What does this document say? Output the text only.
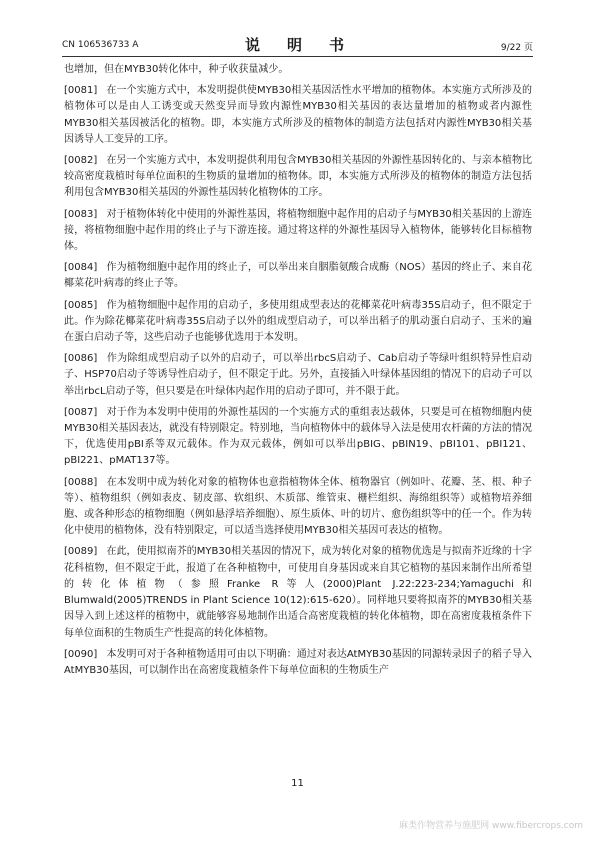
CN 106536733 A	说　明　书	9/22 页

也增加，但在MYB30转化体中，种子收获量减少。

[0081] 在一个实施方式中，本发明提供使MYB30相关基因活性水平增加的植物体。本实施方式所涉及的植物体可以是由人工诱变或天然变异而导致内源性MYB30相关基因的表达量增加的植物或者内源性MYB30相关基因被活化的植物。即，本实施方式所涉及的植物体的制造方法包括对内源性MYB30相关基因诱导人工变异的工序。

[0082] 在另一个实施方式中，本发明提供利用包含MYB30相关基因的外源性基因转化的、与亲本植物比较高密度栽植时每单位面积的生物质的量增加的植物体。即，本实施方式所涉及的植物体的制造方法包括利用包含MYB30相关基因的外源性基因转化植物体的工序。

[0083] 对于植物体转化中使用的外源性基因，将植物细胞中起作用的启动子与MYB30相关基因的上游连接，将植物细胞中起作用的终止子与下游连接。通过将这样的外源性基因导入植物体，能够转化目标植物体。

[0084] 作为植物细胞中起作用的终止子，可以举出来自胭脂氨酸合成酶（NOS）基因的终止子、来自花椰菜花叶病毒的终止子等。

[0085] 作为植物细胞中起作用的启动子，多使用组成型表达的花椰菜花叶病毒35S启动子，但不限定于此。作为除花椰菜花叶病毒35S启动子以外的组成型启动子，可以举出稻子的肌动蛋白启动子、玉米的遍在蛋白启动子等，这些启动子也能够优选用于本发明。

[0086] 作为除组成型启动子以外的启动子，可以举出rbcS启动子、Cab启动子等绿叶组织特异性启动子、HSP70启动子等诱导性启动子，但不限定于此。另外，直接插入叶绿体基因组的情况下的启动子可以举出rbcL启动子等，但只要是在叶绿体内起作用的启动子即可，并不限于此。

[0087] 对于作为本发明中使用的外源性基因的一个实施方式的重组表达载体，只要是可在植物细胞内使MYB30相关基因表达，就没有特别限定。特别地，当向植物体中的载体导入法是使用农杆菌的方法的情况下，优选使用pBI系等双元载体。作为双元载体，例如可以举出pBIG、pBIN19、pBI101、pBI121、pBI221、pMAT137等。

[0088] 在本发明中成为转化对象的植物体也意指植物体全体、植物器官（例如叶、花瓣、茎、根、种子等）、植物组织（例如表皮、韧皮部、软组织、木质部、维管束、栅栏组织、海绵组织等）或植物培养细胞、或各种形态的植物细胞（例如悬浮培养细胞）、原生质体、叶的切片、愈伤组织等中的任一个。作为转化中使用的植物体，没有特别限定，可以适当选择使用MYB30相关基因可表达的植物。

[0089] 在此，使用拟南芥的MYB30相关基因的情况下，成为转化对象的植物优选是与拟南芥近缘的十字花科植物，但不限定于此，报道了在各种植物中，可使用自身基因或来自其它植物的基因来制作出所希望的转化体植物（参照Franke R等人(2000)Plant J.22:223-234;Yamaguchi和Blumwald(2005)TRENDS in Plant Science 10(12):615-620）。同样地只要将拟南芥的MYB30相关基因导入到上述这样的植物中，就能够容易地制作出适合高密度栽植的转化体植物，即在高密度栽植条件下每单位面积的生物质生产性提高的转化体植物。

[0090] 本发明可对于各种植物适用可由以下明确：通过对表达AtMYB30基因的同源转录因子的稻子导入AtMYB30基因，可以制作出在高密度栽植条件下每单位面积的生物质生产

11
麻类作物营养与施肥网 www.fibercrops.com
